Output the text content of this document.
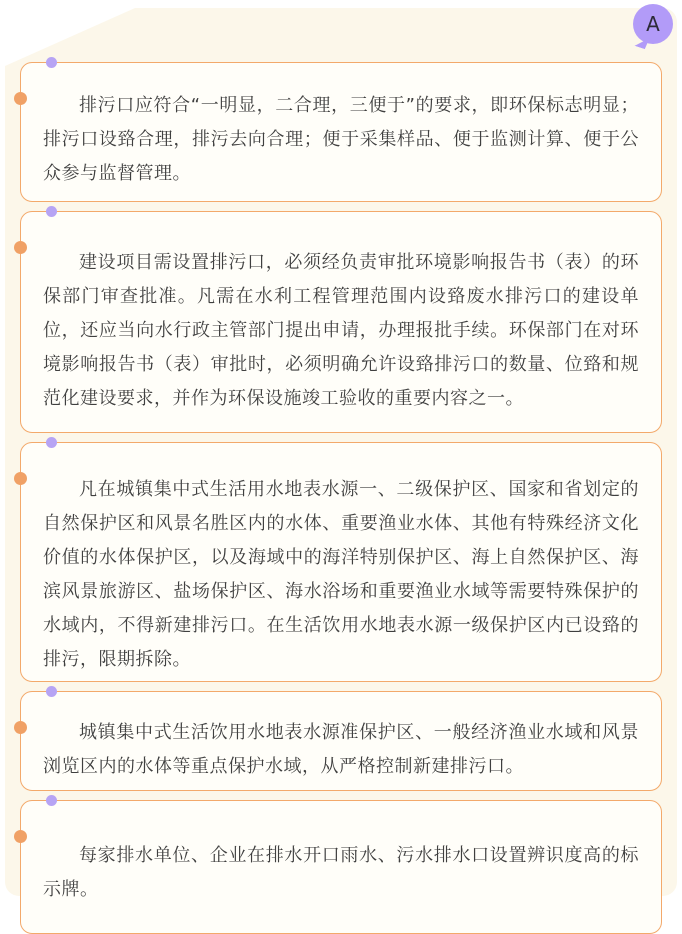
A

排污口应符合“一明显，二合理，三便于”的要求，即环保标志明显；排污口设臵合理，排污去向合理；便于采集样品、便于监测计算、便于公众参与监督管理。

建设项目需设置排污口，必须经负责审批环境影响报告书（表）的环保部门审查批准。凡需在水利工程管理范围内设臵废水排污口的建设单位，还应当向水行政主管部门提出申请，办理报批手续。环保部门在对环境影响报告书（表）审批时，必须明确允许设臵排污口的数量、位臵和规范化建设要求，并作为环保设施竣工验收的重要内容之一。

凡在城镇集中式生活用水地表水源一、二级保护区、国家和省划定的自然保护区和风景名胜区内的水体、重要渔业水体、其他有特殊经济文化价值的水体保护区，以及海域中的海洋特别保护区、海上自然保护区、海滨风景旅游区、盐场保护区、海水浴场和重要渔业水域等需要特殊保护的水域内，不得新建排污口。在生活饮用水地表水源一级保护区内已设臵的排污，限期拆除。

城镇集中式生活饮用水地表水源准保护区、一般经济渔业水域和风景浏览区内的水体等重点保护水域，从严格控制新建排污口。

每家排水单位、企业在排水开口雨水、污水排水口设置辨识度高的标示牌。
